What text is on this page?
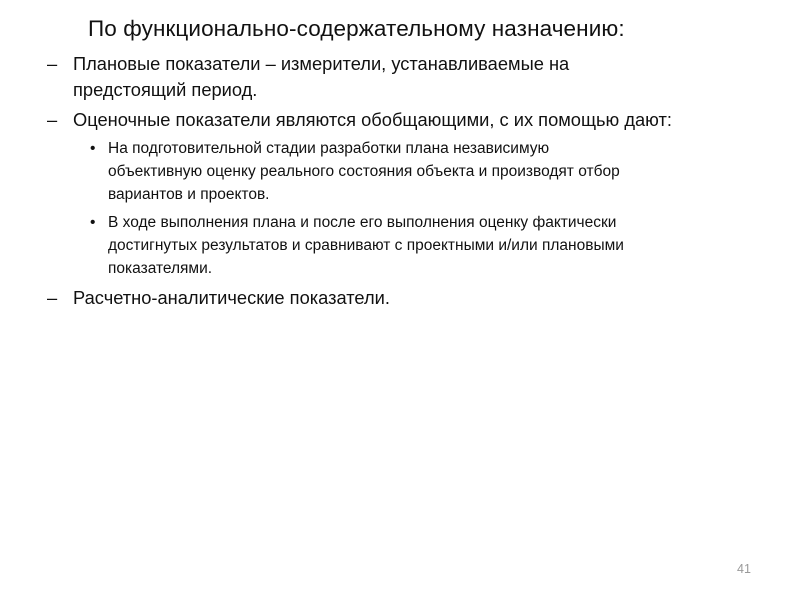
По функционально-содержательному назначению:
– Плановые показатели – измерители, устанавливаемые на
предстоящий период.
– Оценочные показатели являются обобщающими, с их помощью дают:
• На подготовительной стадии разработки плана независимую
объективную оценку реального состояния объекта и производят отбор
вариантов и проектов.
• В ходе выполнения плана и после его выполнения оценку фактически
достигнутых результатов и сравнивают с проектными и/или плановыми
показателями.
– Расчетно-аналитические показатели.
41
